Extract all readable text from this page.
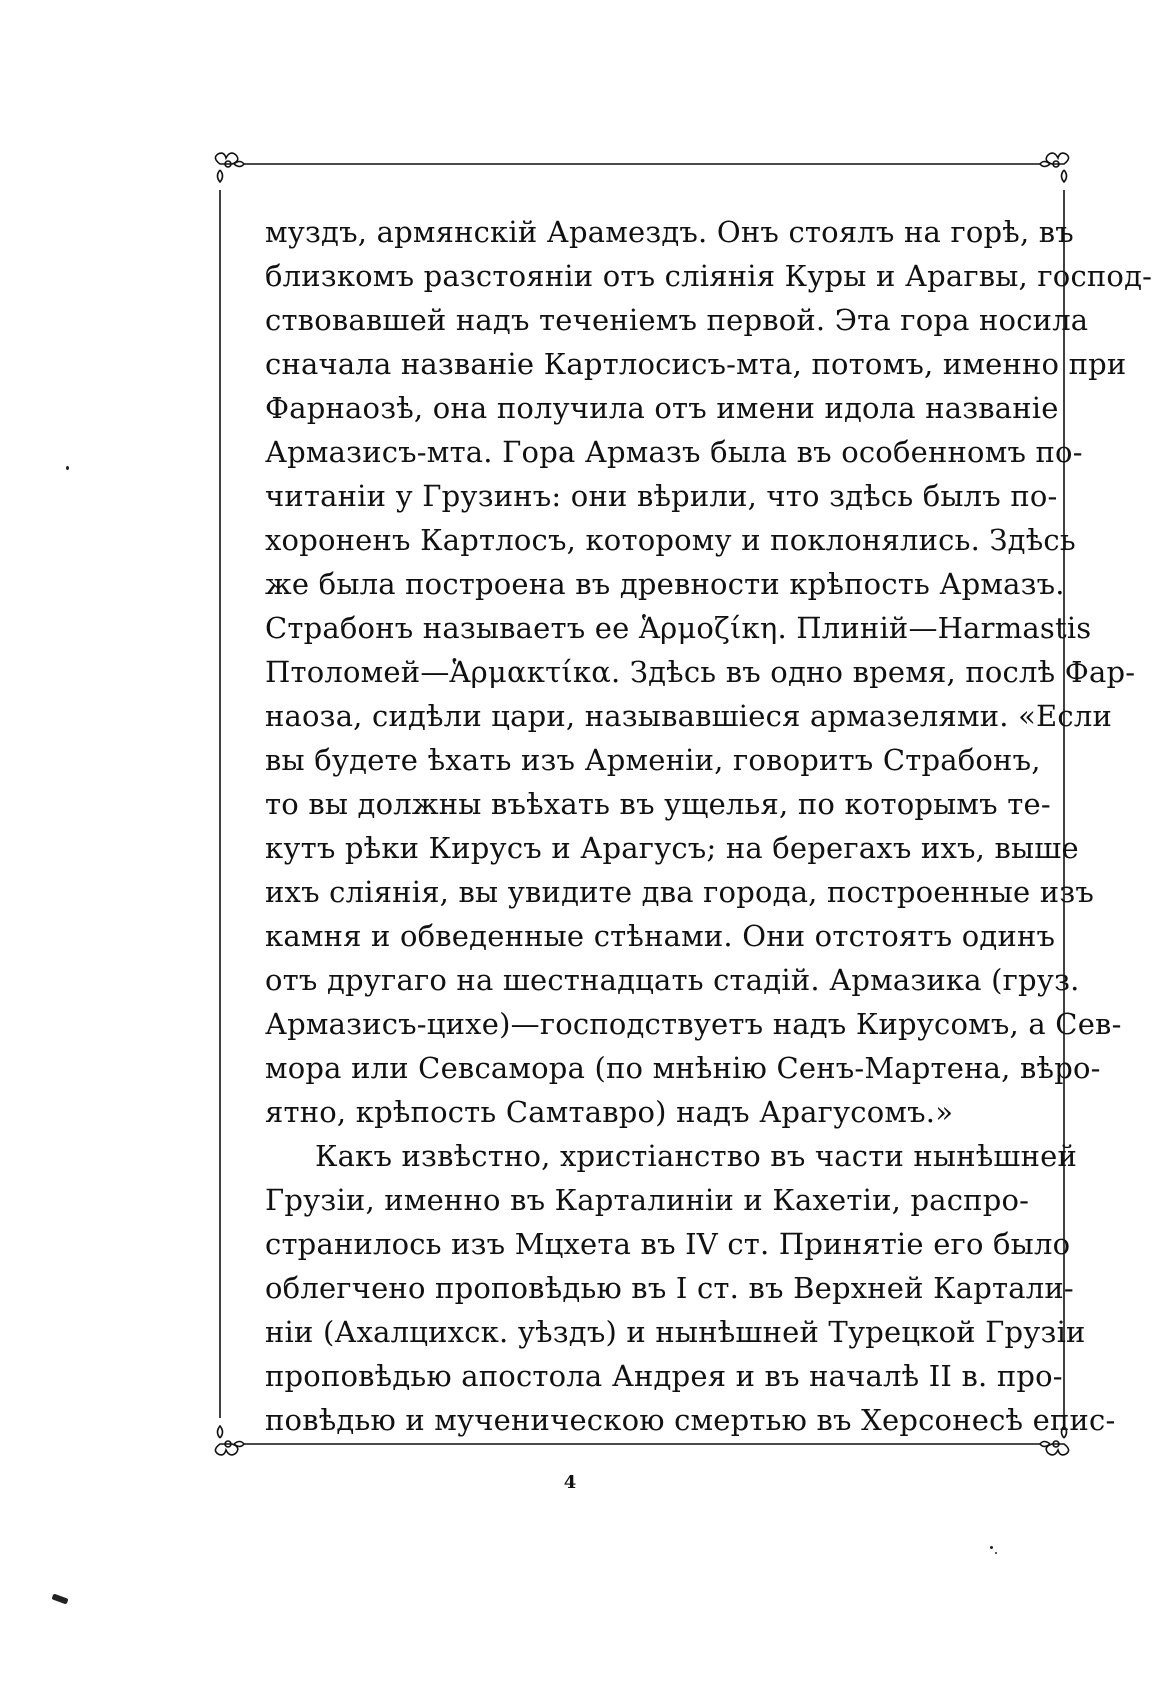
муздъ, армянскій Арамездъ. Онъ стоялъ на горѣ, въ
близкомъ разстояніи отъ сліянія Куры и Арагвы, господ-
ствовавшей надъ теченіемъ первой. Эта гора носила
сначала названіе Картлосисъ-мта, потомъ, именно при
Фарнаозѣ, она получила отъ имени идола названіе
Армазисъ-мта. Гора Армазъ была въ особенномъ по-
читаніи у Грузинъ: они вѣрили, что здѣсь былъ по-
хороненъ Картлосъ, которому и поклонялись. Здѣсь
же была построена въ древности крѣпость Армазъ.
Страбонъ называетъ ее Ἁρμοζίκη. Плиній—Harmastis
Птоломей—Ἁρμακτίκα. Здѣсь въ одно время, послѣ Фар-
наоза, сидѣли цари, называвшіеся армазелями. «Если
вы будете ѣхать изъ Арменіи, говоритъ Страбонъ,
то вы должны въѣхать въ ущелья, по которымъ те-
кутъ рѣки Кирусъ и Арагусъ; на берегахъ ихъ, выше
ихъ сліянія, вы увидите два города, построенные изъ
камня и обведенные стѣнами. Они отстоятъ одинъ
отъ другаго на шестнадцать стадій. Армазика (груз.
Армазисъ-цихе)—господствуетъ надъ Кирусомъ, а Сев-
мора или Севсамора (по мнѣнію Сенъ-Мартена, вѣро-
ятно, крѣпость Самтавро) надъ Арагусомъ.»
Какъ извѣстно, христіанство въ части нынѣшней
Грузіи, именно въ Карталиніи и Кахетіи, распро-
странилось изъ Мцхета въ IV ст. Принятіе его было
облегчено проповѣдью въ I ст. въ Верхней Картали-
ніи (Ахалцихск. уѣздъ) и нынѣшней Турецкой Грузіи
проповѣдью апостола Андрея и въ началѣ II в. про-
повѣдью и мученическою смертью въ Херсонесѣ епис-
4
